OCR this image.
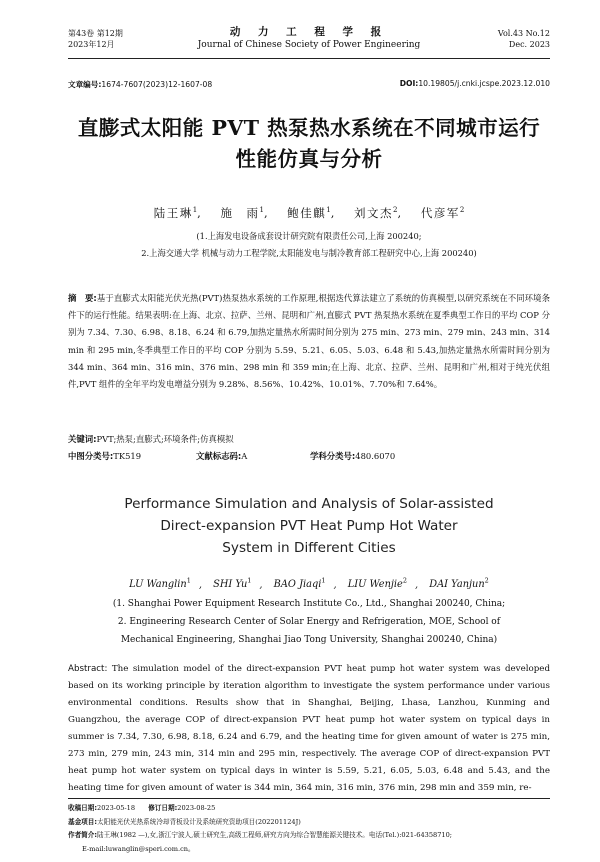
第43卷 第12期
2023年12月
动 力 工 程 学 报
Journal of Chinese Society of Power Engineering
Vol.43 No.12
Dec. 2023
文章编号:1674-7607(2023)12-1607-08	DOI:10.19805/j.cnki.jcspe.2023.12.010
直膨式太阳能 PVT 热泵热水系统在不同城市运行
性能仿真与分析
陆王琳$^1$,　 施　雨$^1$,　 鲍佳麒$^1$,　 刘文杰$^2$,　 代彦军$^2$
(1.上海发电设备成套设计研究院有限责任公司,上海 200240;
2.上海交通大学 机械与动力工程学院,太阳能发电与制冷教育部工程研究中心,上海 200240)
摘　要:基于直膨式太阳能光伏光热(PVT)热泵热水系统的工作原理,根据迭代算法建立了系统的仿真模型,以研究系统在不同环境条件下的运行性能。结果表明:在上海、北京、拉萨、兰州、昆明和广州,直膨式 PVT 热泵热水系统在夏季典型工作日的平均 COP 分别为 7.34、7.30、6.98、8.18、6.24 和 6.79,加热定量热水所需时间分别为 275 min、273 min、279 min、243 min、314 min 和 295 min,冬季典型工作日的平均 COP 分别为 5.59、5.21、6.05、5.03、6.48 和 5.43,加热定量热水所需时间分别为 344 min、364 min、316 min、376 min、298 min 和 359 min;在上海、北京、拉萨、兰州、昆明和广州,相对于纯光伏组件,PVT 组件的全年平均发电增益分别为 9.28%、8.56%、10.42%、10.01%、7.70%和 7.64%。
关键词:PVT;热泵;直膨式;环境条件;仿真模拟
中图分类号:TK519	文献标志码:A	学科分类号:480.6070
Performance Simulation and Analysis of Solar-assisted
Direct-expansion PVT Heat Pump Hot Water
System in Different Cities
LU Wanglin$^1$ , SHI Yu$^1$ , BAO Jiaqi$^1$ , LIU Wenjie$^2$ , DAI Yanjun$^2$
(1. Shanghai Power Equipment Research Institute Co., Ltd., Shanghai 200240, China;
2. Engineering Research Center of Solar Energy and Refrigeration, MOE, School of
Mechanical Engineering, Shanghai Jiao Tong University, Shanghai 200240, China)
Abstract: The simulation model of the direct-expansion PVT heat pump hot water system was developed based on its working principle by iteration algorithm to investigate the system performance under various environmental conditions. Results show that in Shanghai, Beijing, Lhasa, Lanzhou, Kunming and Guangzhou, the average COP of direct-expansion PVT heat pump hot water system on typical days in summer is 7.34, 7.30, 6.98, 8.18, 6.24 and 6.79, and the heating time for given amount of water is 275 min, 273 min, 279 min, 243 min, 314 min and 295 min, respectively. The average COP of direct-expansion PVT heat pump hot water system on typical days in winter is 5.59, 5.21, 6.05, 5.03, 6.48 and 5.43, and the heating time for given amount of water is 344 min, 364 min, 316 min, 376 min, 298 min and 359 min, re-
收稿日期:2023-05-18　　 修订日期:2023-08-25
基金项目:太阳能光伏光热系统冷却背板设计及系统研究资助项目(202201124J)
作者简介:陆王琳(1982 —),女,浙江宁波人,硕士研究生,高级工程师,研究方向为综合智慧能源关键技术。电话(Tel.):021-64358710;
E-mail:luwanglin@speri.com.cn。
